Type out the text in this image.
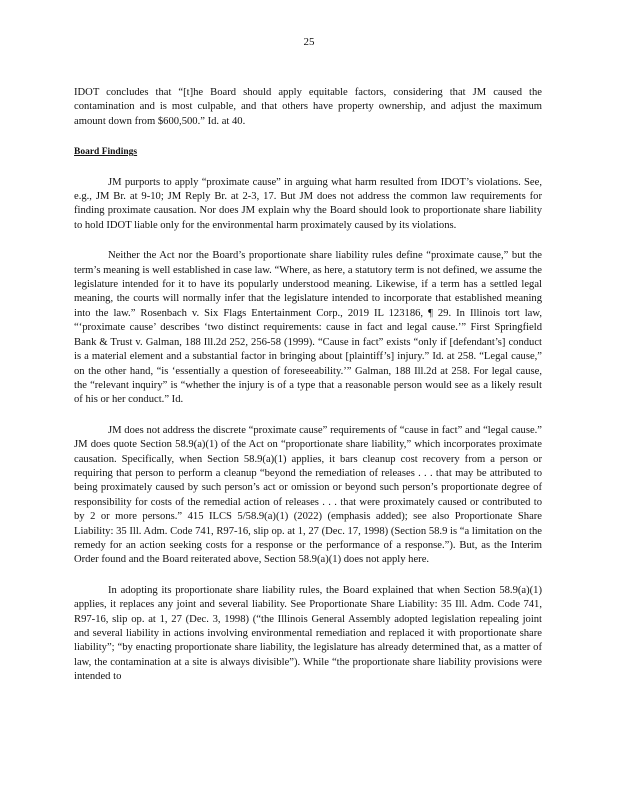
25

IDOT concludes that “[t]he Board should apply equitable factors, considering that JM caused the contamination and is most culpable, and that others have property ownership, and adjust the maximum amount down from $600,500.” Id. at 40.

Board Findings

JM purports to apply “proximate cause” in arguing what harm resulted from IDOT’s violations. See, e.g., JM Br. at 9-10; JM Reply Br. at 2-3, 17. But JM does not address the common law requirements for finding proximate causation. Nor does JM explain why the Board should look to proportionate share liability to hold IDOT liable only for the environmental harm proximately caused by its violations.

Neither the Act nor the Board’s proportionate share liability rules define “proximate cause,” but the term’s meaning is well established in case law. “Where, as here, a statutory term is not defined, we assume the legislature intended for it to have its popularly understood meaning. Likewise, if a term has a settled legal meaning, the courts will normally infer that the legislature intended to incorporate that established meaning into the law.” Rosenbach v. Six Flags Entertainment Corp., 2019 IL 123186, ¶ 29. In Illinois tort law, “‘proximate cause’ describes ‘two distinct requirements: cause in fact and legal cause.’” First Springfield Bank & Trust v. Galman, 188 Ill.2d 252, 256-58 (1999). “Cause in fact” exists “only if [defendant’s] conduct is a material element and a substantial factor in bringing about [plaintiff’s] injury.” Id. at 258. “Legal cause,” on the other hand, “is ‘essentially a question of foreseeability.’” Galman, 188 Ill.2d at 258. For legal cause, the “relevant inquiry” is “whether the injury is of a type that a reasonable person would see as a likely result of his or her conduct.” Id.

JM does not address the discrete “proximate cause” requirements of “cause in fact” and “legal cause.” JM does quote Section 58.9(a)(1) of the Act on “proportionate share liability,” which incorporates proximate causation. Specifically, when Section 58.9(a)(1) applies, it bars cleanup cost recovery from a person or requiring that person to perform a cleanup “beyond the remediation of releases . . . that may be attributed to being proximately caused by such person’s act or omission or beyond such person’s proportionate degree of responsibility for costs of the remedial action of releases . . . that were proximately caused or contributed to by 2 or more persons.” 415 ILCS 5/58.9(a)(1) (2022) (emphasis added); see also Proportionate Share Liability: 35 Ill. Adm. Code 741, R97-16, slip op. at 1, 27 (Dec. 17, 1998) (Section 58.9 is “a limitation on the remedy for an action seeking costs for a response or the performance of a response.”). But, as the Interim Order found and the Board reiterated above, Section 58.9(a)(1) does not apply here.

In adopting its proportionate share liability rules, the Board explained that when Section 58.9(a)(1) applies, it replaces any joint and several liability. See Proportionate Share Liability: 35 Ill. Adm. Code 741, R97-16, slip op. at 1, 27 (Dec. 3, 1998) (“the Illinois General Assembly adopted legislation repealing joint and several liability in actions involving environmental remediation and replaced it with proportionate share liability”; “by enacting proportionate share liability, the legislature has already determined that, as a matter of law, the contamination at a site is always divisible”). While “the proportionate share liability provisions were intended to
